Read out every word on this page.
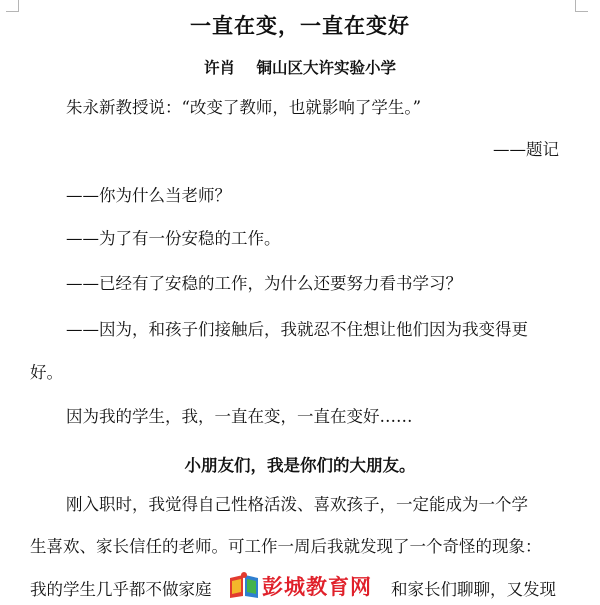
一直在变，一直在变好
许肖    铜山区大许实验小学
朱永新教授说：“改变了教师，也就影响了学生。”
——题记
——你为什么当老师？
——为了有一份安稳的工作。
——已经有了安稳的工作，为什么还要努力看书学习？
——因为，和孩子们接触后，我就忍不住想让他们因为我变得更
好。
因为我的学生，我，一直在变，一直在变好……
小朋友们，我是你们的大朋友。
刚入职时，我觉得自己性格活泼、喜欢孩子，一定能成为一个学
生喜欢、家长信任的老师。可工作一周后我就发现了一个奇怪的现象：
我的学生几乎都不做家庭	和家长们聊聊，又发现
彭城教育网
